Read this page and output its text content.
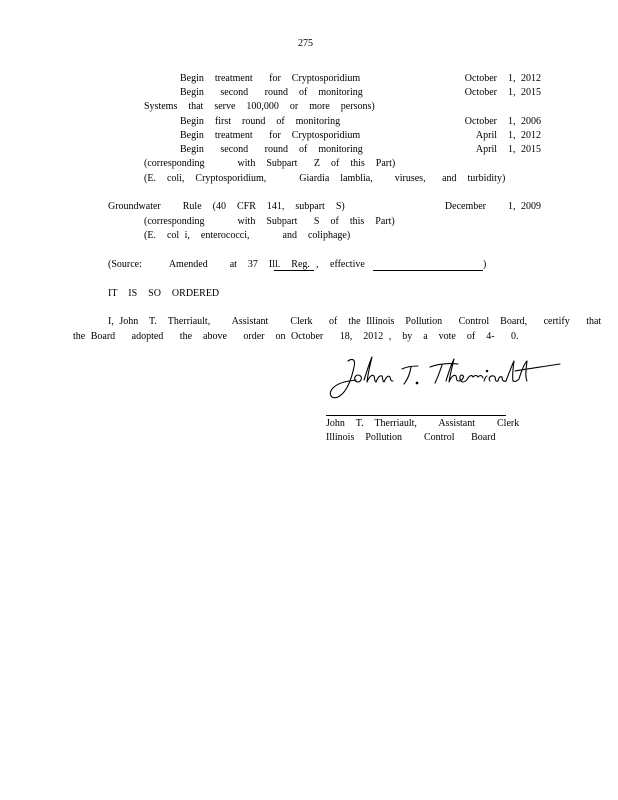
275
Begin  treatment   for  Cryptosporidium	October  1, 2012
Begin   second   round  of  monitoring	October  1, 2015
Systems  that  serve  100,000  or  more  persons)
Begin  first  round  of  monitoring	October  1, 2006
Begin  treatment   for  Cryptosporidium	April  1, 2012
Begin   second   round  of  monitoring	April  1, 2015
(corresponding      with  Subpart   Z  of  this  Part)
(E.  coli,  Cryptosporidium,      Giardia  lamblia,    viruses,   and  turbidity)
Groundwater    Rule  (40  CFR  141,  subpart  S)	December    1, 2009
(corresponding      with  Subpart   S  of  this  Part)
(E.  col i,  enterococci,      and  coliphage)
(Source:     Amended    at  37  Ill.  Reg. , effective	)
IT  IS  SO  ORDERED
I, John  T.  Therriault,    Assistant    Clerk   of  the Illinois  Pollution   Control  Board,   certify   that
the Board   adopted   the  above   order  on October   18,  2012 ,  by  a  vote  of  4-   0.
John  T.  Therriault,    Assistant    Clerk
Illinois  Pollution    Control   Board
